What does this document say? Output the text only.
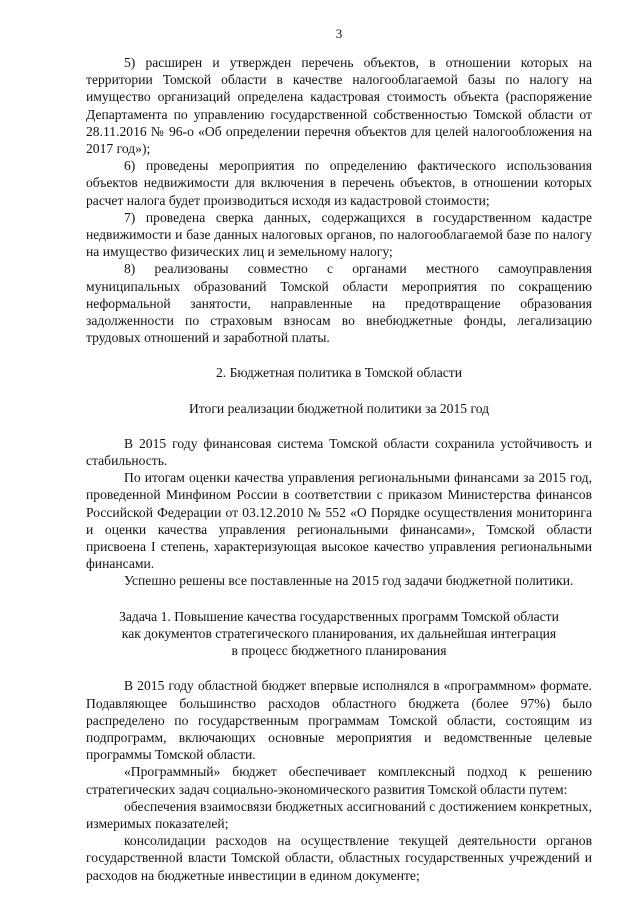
3

5) расширен и утвержден перечень объектов, в отношении которых на территории Томской области в качестве налогооблагаемой базы по налогу на имущество организаций определена кадастровая стоимость объекта (распоряжение Департамента по управлению государственной собственностью Томской области от 28.11.2016 № 96-о «Об определении перечня объектов для целей налогообложения на 2017 год»);

6) проведены мероприятия по определению фактического использования объектов недвижимости для включения в перечень объектов, в отношении которых расчет налога будет производиться исходя из кадастровой стоимости;

7) проведена сверка данных, содержащихся в государственном кадастре недвижимости и базе данных налоговых органов, по налогооблагаемой базе по налогу на имущество физических лиц и земельному налогу;

8) реализованы совместно с органами местного самоуправления муниципальных образований Томской области мероприятия по сокращению неформальной занятости, направленные на предотвращение образования задолженности по страховым взносам во внебюджетные фонды, легализацию трудовых отношений и заработной платы.

2. Бюджетная политика в Томской области

Итоги реализации бюджетной политики за 2015 год

В 2015 году финансовая система Томской области сохранила устойчивость и стабильность.

По итогам оценки качества управления региональными финансами за 2015 год, проведенной Минфином России в соответствии с приказом Министерства финансов Российской Федерации от 03.12.2010 № 552 «О Порядке осуществления мониторинга и оценки качества управления региональными финансами», Томской области присвоена I степень, характеризующая высокое качество управления региональными финансами.

Успешно решены все поставленные на 2015 год задачи бюджетной политики.

Задача 1. Повышение качества государственных программ Томской области
как документов стратегического планирования, их дальнейшая интеграция
в процесс бюджетного планирования

В 2015 году областной бюджет впервые исполнялся в «программном» формате. Подавляющее большинство расходов областного бюджета (более 97%) было распределено по государственным программам Томской области, состоящим из подпрограмм, включающих основные мероприятия и ведомственные целевые программы Томской области.

«Программный» бюджет обеспечивает комплексный подход к решению стратегических задач социально-экономического развития Томской области путем:

обеспечения взаимосвязи бюджетных ассигнований с достижением конкретных, измеримых показателей;

консолидации расходов на осуществление текущей деятельности органов государственной власти Томской области, областных государственных учреждений и расходов на бюджетные инвестиции в едином документе;
